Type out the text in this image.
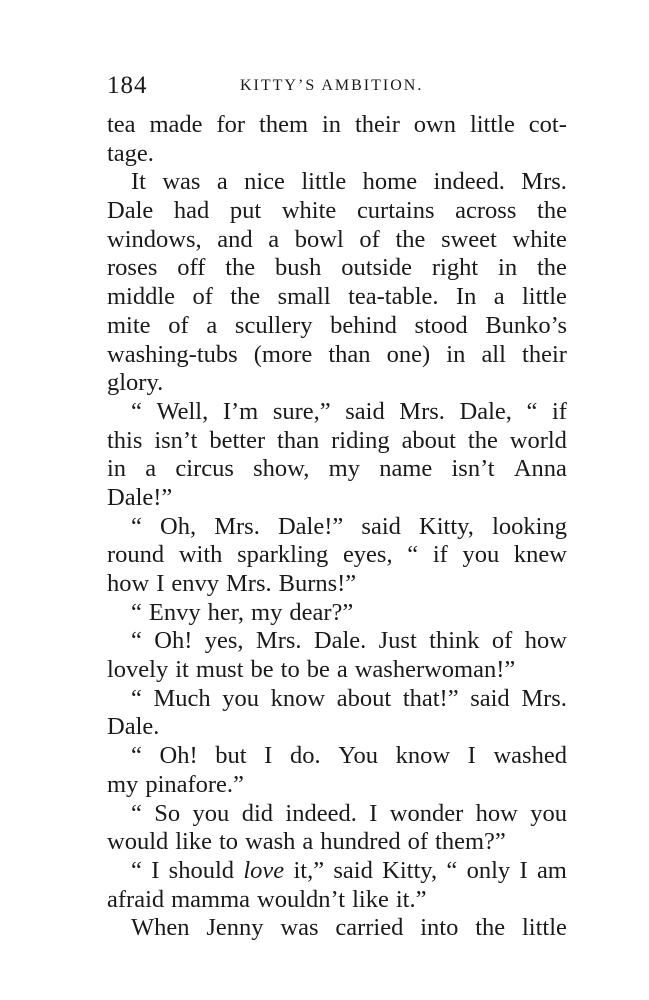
184	KITTY’S AMBITION.
tea made for them in their own little cot-
tage.
It was a nice little home indeed. Mrs.
Dale had put white curtains across the
windows, and a bowl of the sweet white
roses off the bush outside right in the
middle of the small tea-table. In a little
mite of a scullery behind stood Bunko’s
washing-tubs (more than one) in all their
glory.
“ Well, I’m sure,” said Mrs. Dale, “ if
this isn’t better than riding about the world
in a circus show, my name isn’t Anna
Dale!”
“ Oh, Mrs. Dale!” said Kitty, looking
round with sparkling eyes, “ if you knew
how I envy Mrs. Burns!”
“ Envy her, my dear?”
“ Oh! yes, Mrs. Dale. Just think of how
lovely it must be to be a washerwoman!”
“ Much you know about that!” said Mrs.
Dale.
“ Oh! but I do. You know I washed
my pinafore.”
“ So you did indeed. I wonder how you
would like to wash a hundred of them?”
“ I should love it,” said Kitty, “ only I am
afraid mamma wouldn’t like it.”
When Jenny was carried into the little
